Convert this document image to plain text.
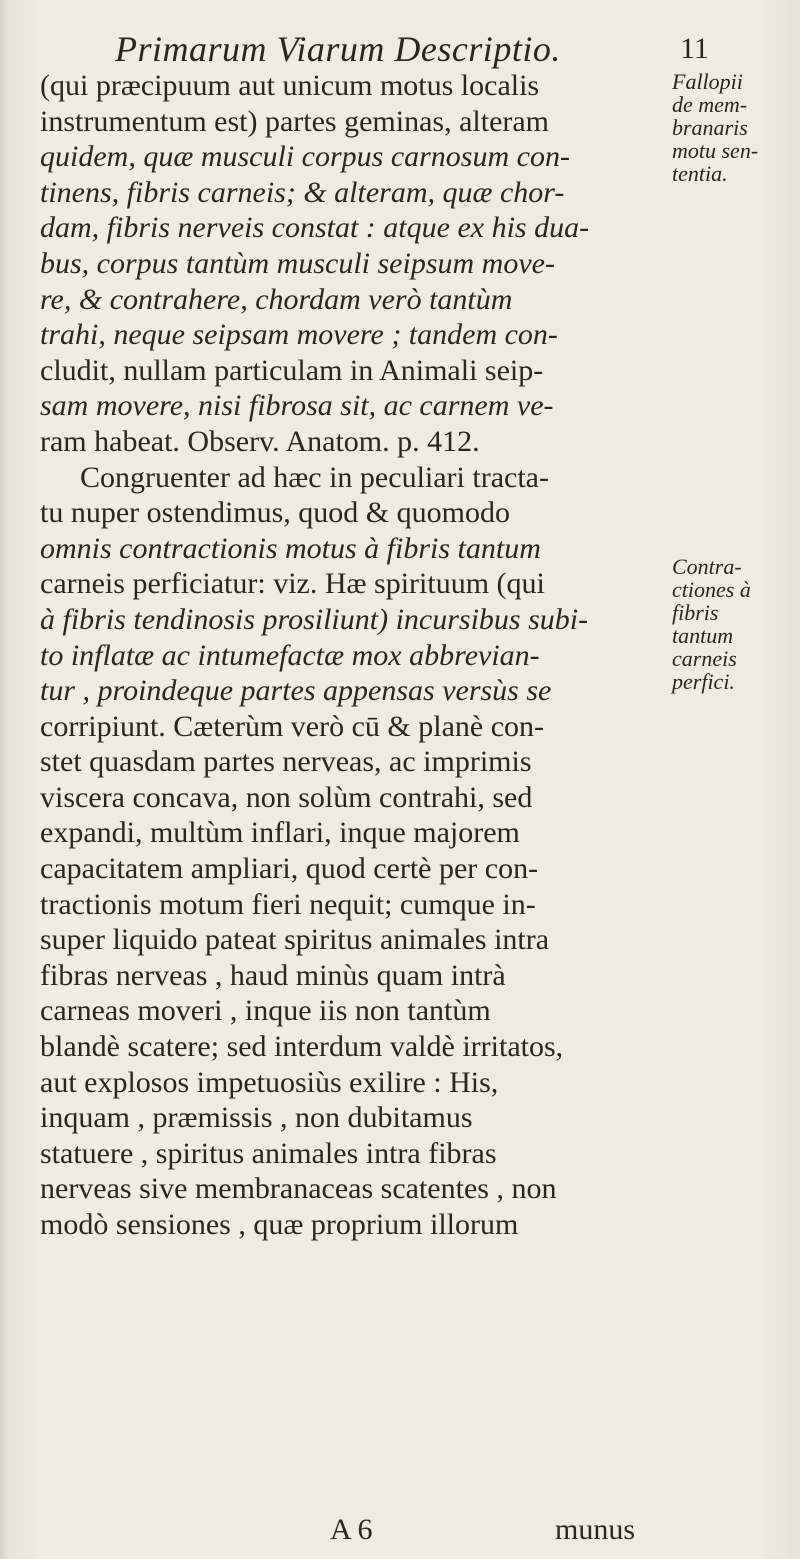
Primarum Viarum Descriptio.	11
(qui præcipuum aut unicum motus localis
instrumentum est) partes geminas, alteram
quidem, quæ musculi corpus carnosum con-
tinens, fibris carneis; & alteram, quæ chor-
dam, fibris nerveis constat : atque ex his dua-
bus, corpus tantùm musculi seipsum move-
re, & contrahere, chordam verò tantùm
trahi, neque seipsam movere ; tandem con-
cludit, nullam particulam in Animali seip-
sam movere, nisi fibrosa sit, ac carnem ve-
ram habeat. Observ. Anatom. p. 412.
Congruenter ad hæc in peculiari tracta-
tu nuper ostendimus, quod & quomodo
omnis contractionis motus à fibris tantum
carneis perficiatur: viz. Hæ spirituum (qui
à fibris tendinosis prosiliunt) incursibus subi-
to inflatæ ac intumefactæ mox abbrevian-
tur , proindeque partes appensas versùs se
corripiunt. Cæterùm verò cū & planè con-
stet quasdam partes nerveas, ac imprimis
viscera concava, non solùm contrahi, sed
expandi, multùm inflari, inque majorem
capacitatem ampliari, quod certè per con-
tractionis motum fieri nequit; cumque in-
super liquido pateat spiritus animales intra
fibras nerveas , haud minùs quam intrà
carneas moveri , inque iis non tantùm
blandè scatere; sed interdum valdè irritatos,
aut explosos impetuosiùs exilire : His,
inquam , præmissis , non dubitamus
statuere , spiritus animales intra fibras
nerveas sive membranaceas scatentes , non
modò sensiones , quæ proprium illorum
Fallopii
de mem-
branaris
motu sen-
tentia.
Contra-
ctiones à
fibris
tantum
carneis
perfici.
A 6	munus
